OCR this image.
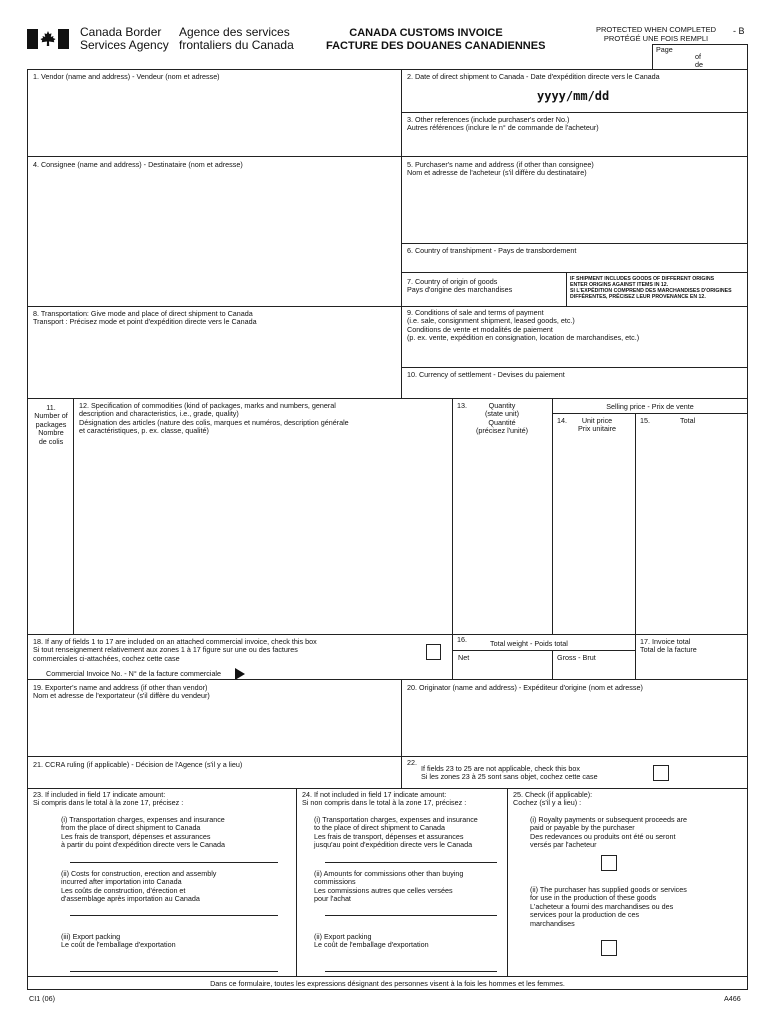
Canada Border
Services Agency
Agence des services
frontaliers du Canada
CANADA CUSTOMS INVOICE
FACTURE DES DOUANES CANADIENNES
PROTECTED WHEN COMPLETED
PROTÉGÉ UNE FOIS REMPLI
- B
Page
of
de
1. Vendor (name and address) - Vendeur (nom et adresse)
4. Consignee (name and address) - Destinataire (nom et adresse)
8. Transportation: Give mode and place of direct shipment to Canada
Transport : Précisez mode et point d'expédition directe vers le Canada
2. Date of direct shipment to Canada - Date d'expédition directe vers le Canada
yyyy/mm/dd
3. Other references (include purchaser's order No.)
Autres références (inclure le n° de commande de l'acheteur)
5. Purchaser's name and address (if other than consignee)
Nom et adresse de l'acheteur (s'il diffère du destinataire)
6. Country of transhipment - Pays de transbordement
7. Country of origin of goods
Pays d'origine des marchandises
IF SHIPMENT INCLUDES GOODS OF DIFFERENT ORIGINS
ENTER ORIGINS AGAINST ITEMS IN 12.
SI L'EXPÉDITION COMPREND DES MARCHANDISES D'ORIGINES
DIFFÉRENTES, PRÉCISEZ LEUR PROVENANCE EN 12.
9. Conditions of sale and terms of payment
(i.e. sale, consignment shipment, leased goods, etc.)
Conditions de vente et modalités de paiement
(p. ex. vente, expédition en consignation, location de marchandises, etc.)
10. Currency of settlement - Devises du paiement
11.
Number of
packages
Nombre
de colis
12. Specification of commodities (kind of packages, marks and numbers, general
description and characteristics, i.e., grade, quality)
Désignation des articles (nature des colis, marques et numéros, description générale
et caractéristiques, p. ex. classe, qualité)
13.	Quantity
(state unit)
Quantité
(précisez l'unité)
Selling price - Prix de vente
14.	Unit price
Prix unitaire
15.	Total
18. If any of fields 1 to 17 are included on an attached commercial invoice, check this box
Si tout renseignement relativement aux zones 1 à 17 figure sur une ou des factures
commerciales ci-attachées, cochez cette case
Commercial Invoice No. - N° de la facture commerciale
16.	Total weight - Poids total
Net	Gross - Brut
17. Invoice total
Total de la facture
19. Exporter's name and address (if other than vendor)
Nom et adresse de l'exportateur (s'il diffère du vendeur)
20. Originator (name and address) - Expéditeur d'origine (nom et adresse)
21. CCRA ruling (if applicable) - Décision de l'Agence (s'il y a lieu)	22.
If fields 23 to 25 are not applicable, check this box
Si les zones 23 à 25 sont sans objet, cochez cette case
23. If included in field 17 indicate amount:
Si compris dans le total à la zone 17, précisez :
(i) Transportation charges, expenses and insurance
from the place of direct shipment to Canada
Les frais de transport, dépenses et assurances
à partir du point d'expédition directe vers le Canada
(ii) Costs for construction, erection and assembly
incurred after importation into Canada
Les coûts de construction, d'érection et
d'assemblage après importation au Canada
(iii) Export packing
Le coût de l'emballage d'exportation
24. If not included in field 17 indicate amount:
Si non compris dans le total à la zone 17, précisez :
(i) Transportation charges, expenses and insurance
to the place of direct shipment to Canada
Les frais de transport, dépenses et assurances
jusqu'au point d'expédition directe vers le Canada
(ii) Amounts for commissions other than buying
commissions
Les commissions autres que celles versées
pour l'achat
(ii) Export packing
Le coût de l'emballage d'exportation
25. Check (if applicable):
Cochez (s'il y a lieu) :
(i) Royalty payments or subsequent proceeds are
paid or payable by the purchaser
Des redevances ou produits ont été ou seront
versés par l'acheteur
(ii) The purchaser has supplied goods or services
for use in the production of these goods
L'acheteur a fourni des marchandises ou des
services pour la production de ces
marchandises
Dans ce formulaire, toutes les expressions désignant des personnes visent à la fois les hommes et les femmes.
CI1 (06)	A466
